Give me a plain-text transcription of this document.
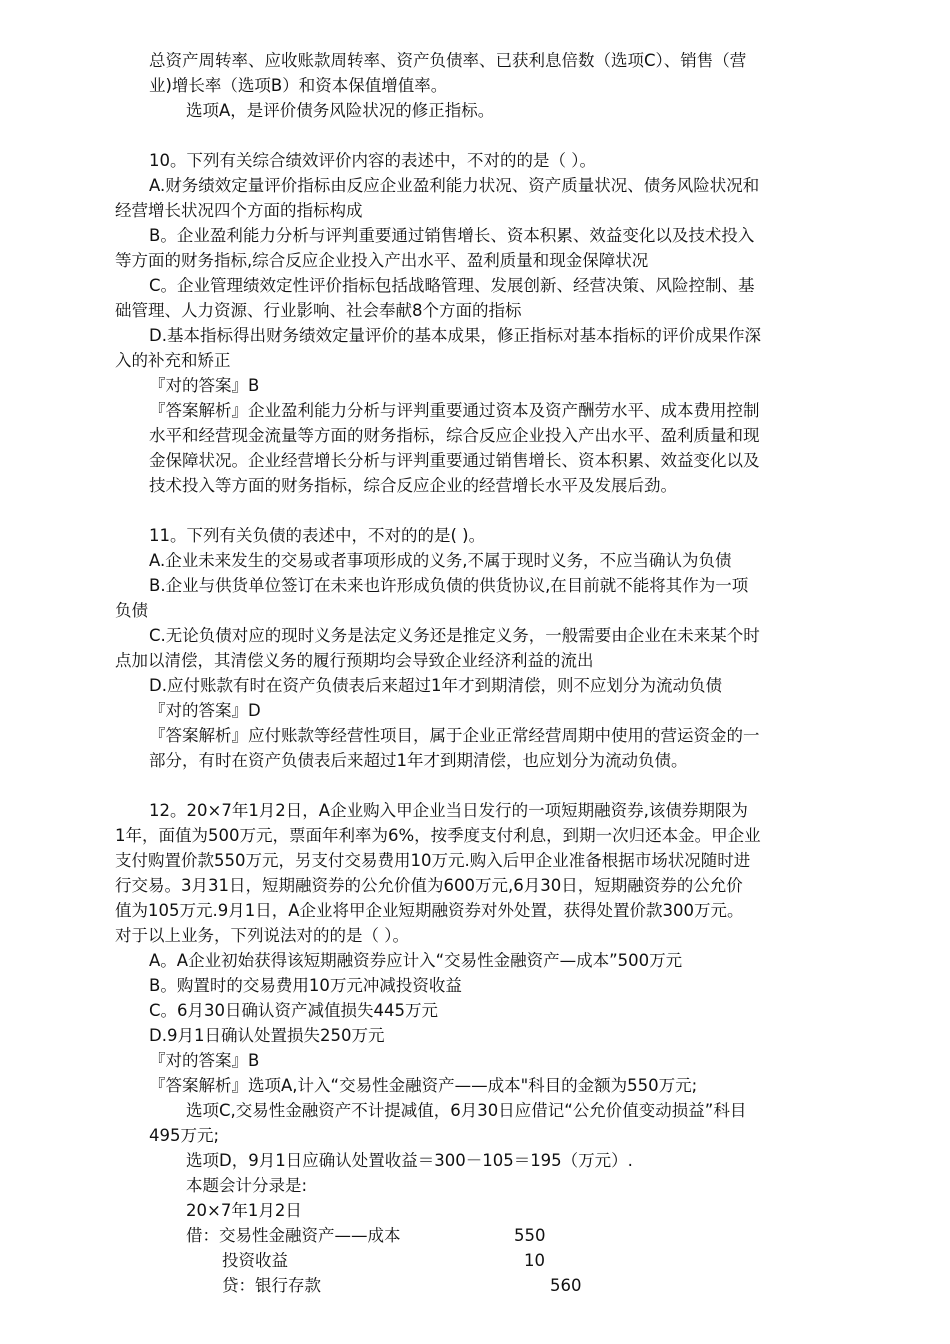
总资产周转率、应收账款周转率、资产负债率、已获利息倍数（选项C）、销售（营
业)增长率（选项B）和资本保值增值率。
选项A，是评价债务风险状况的修正指标。
10。下列有关综合绩效评价内容的表述中，不对的的是（ ）。
A.财务绩效定量评价指标由反应企业盈利能力状况、资产质量状况、债务风险状况和
经营增长状况四个方面的指标构成
B。企业盈利能力分析与评判重要通过销售增长、资本积累、效益变化以及技术投入
等方面的财务指标,综合反应企业投入产出水平、盈利质量和现金保障状况
C。企业管理绩效定性评价指标包括战略管理、发展创新、经营决策、风险控制、基
础管理、人力资源、行业影响、社会奉献8个方面的指标
D.基本指标得出财务绩效定量评价的基本成果，修正指标对基本指标的评价成果作深
入的补充和矫正
『对的答案』B
『答案解析』企业盈利能力分析与评判重要通过资本及资产酬劳水平、成本费用控制
水平和经营现金流量等方面的财务指标，综合反应企业投入产出水平、盈利质量和现
金保障状况。企业经营增长分析与评判重要通过销售增长、资本积累、效益变化以及
技术投入等方面的财务指标，综合反应企业的经营增长水平及发展后劲。
11。下列有关负债的表述中，不对的的是( )。
A.企业未来发生的交易或者事项形成的义务,不属于现时义务，不应当确认为负债
B.企业与供货单位签订在未来也许形成负债的供货协议,在目前就不能将其作为一项
负债
C.无论负债对应的现时义务是法定义务还是推定义务，一般需要由企业在未来某个时
点加以清偿，其清偿义务的履行预期均会导致企业经济利益的流出
D.应付账款有时在资产负债表后来超过1年才到期清偿，则不应划分为流动负债
『对的答案』D
『答案解析』应付账款等经营性项目，属于企业正常经营周期中使用的营运资金的一
部分，有时在资产负债表后来超过1年才到期清偿，也应划分为流动负债。
12。20×7年1月2日，A企业购入甲企业当日发行的一项短期融资券,该债券期限为
1年，面值为500万元，票面年利率为6%，按季度支付利息，到期一次归还本金。甲企业
支付购置价款550万元，另支付交易费用10万元.购入后甲企业准备根据市场状况随时进
行交易。3月31日，短期融资券的公允价值为600万元,6月30日，短期融资券的公允价
值为105万元.9月1日，A企业将甲企业短期融资券对外处置，获得处置价款300万元。
对于以上业务，下列说法对的的是（ ）。
A。A企业初始获得该短期融资券应计入“交易性金融资产—成本”500万元
B。购置时的交易费用10万元冲减投资收益
C。6月30日确认资产减值损失445万元
D.9月1日确认处置损失250万元
『对的答案』B
『答案解析』选项A,计入“交易性金融资产——成本"科目的金额为550万元;
选项C,交易性金融资产不计提减值，6月30日应借记“公允价值变动损益”科目
495万元;
选项D，9月1日应确认处置收益＝300－105＝195（万元）.
本题会计分录是:
20×7年1月2日
借：交易性金融资产——成本	550
投资收益	10
贷：银行存款	560
